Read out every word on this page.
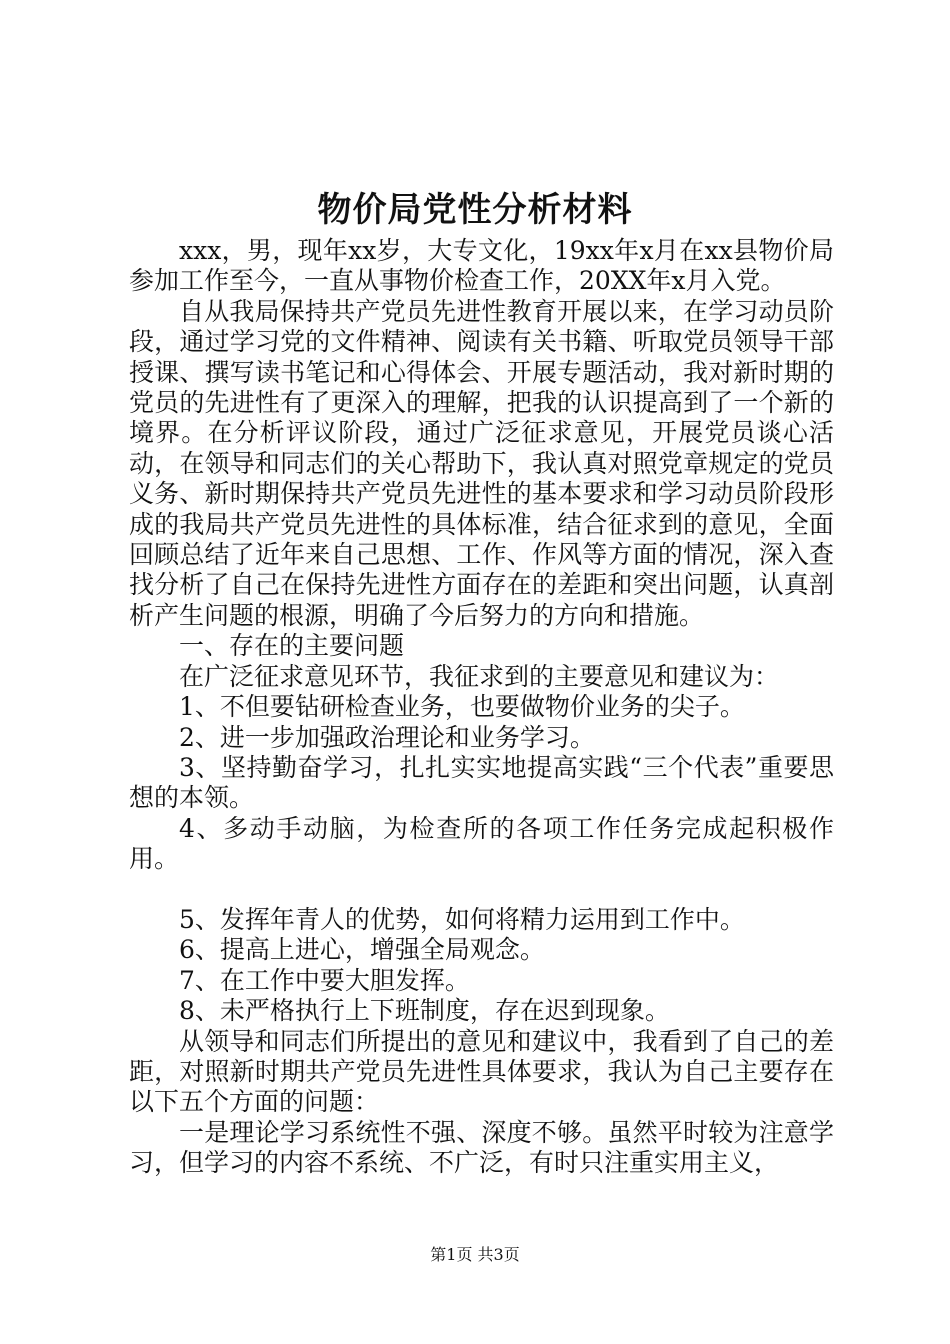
物价局党性分析材料

xxx，男，现年xx岁，大专文化，19xx年x月在xx县物价局参加工作至今，一直从事物价检查工作，20XX年x月入党。

自从我局保持共产党员先进性教育开展以来，在学习动员阶段，通过学习党的文件精神、阅读有关书籍、听取党员领导干部授课、撰写读书笔记和心得体会、开展专题活动，我对新时期的党员的先进性有了更深入的理解，把我的认识提高到了一个新的境界。在分析评议阶段，通过广泛征求意见，开展党员谈心活动，在领导和同志们的关心帮助下，我认真对照党章规定的党员义务、新时期保持共产党员先进性的基本要求和学习动员阶段形成的我局共产党员先进性的具体标准，结合征求到的意见，全面回顾总结了近年来自己思想、工作、作风等方面的情况，深入查找分析了自己在保持先进性方面存在的差距和突出问题，认真剖析产生问题的根源，明确了今后努力的方向和措施。

一、存在的主要问题

在广泛征求意见环节，我征求到的主要意见和建议为：

1、不但要钻研检查业务，也要做物价业务的尖子。

2、进一步加强政治理论和业务学习。

3、坚持勤奋学习，扎扎实实地提高实践“三个代表”重要思想的本领。

4、多动手动脑，为检查所的各项工作任务完成起积极作用。

5、发挥年青人的优势，如何将精力运用到工作中。

6、提高上进心，增强全局观念。

7、在工作中要大胆发挥。

8、未严格执行上下班制度，存在迟到现象。

从领导和同志们所提出的意见和建议中，我看到了自己的差距，对照新时期共产党员先进性具体要求，我认为自己主要存在以下五个方面的问题：

一是理论学习系统性不强、深度不够。虽然平时较为注意学习，但学习的内容不系统、不广泛，有时只注重实用主义，

第1页 共3页
